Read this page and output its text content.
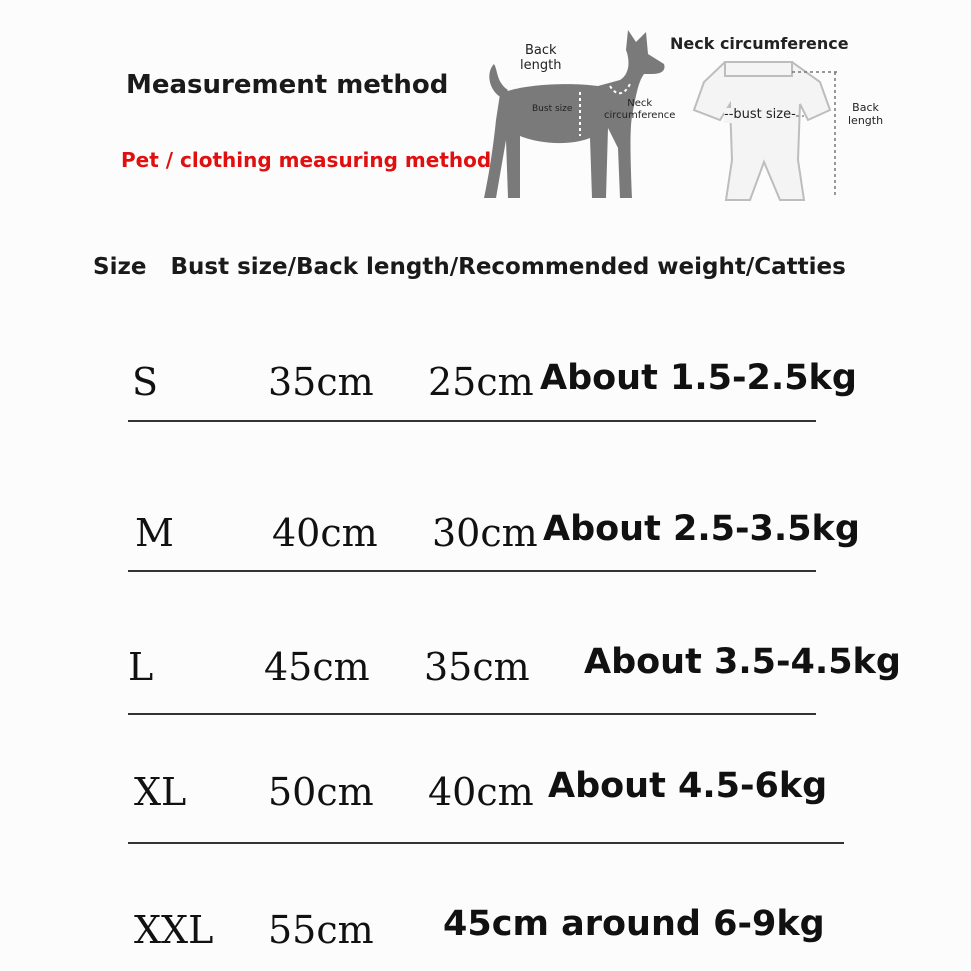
Measurement method
Pet / clothing measuring method
Back
length
Bust size	Neck
circumference
Neck circumference
--bust size-	Back
length
Size Bust size/Back length/Recommended weight/Catties
S	35cm 25cm About 1.5-2.5kg
M	40cm 30cm About 2.5-3.5kg
L	45cm 35cm About 3.5-4.5kg
XL 50cm 40cm About 4.5-6kg
XXL 55cm 45cm around 6-9kg
